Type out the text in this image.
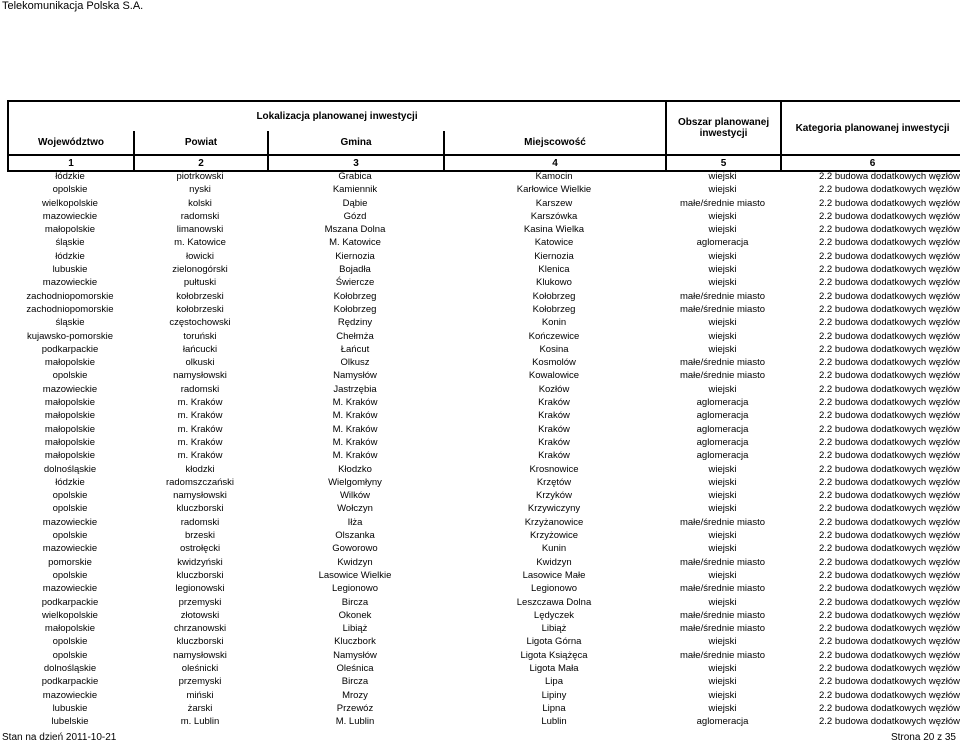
Telekomunikacja Polska S.A.
Inwestycje na etapie planowania
w ramach realizacji Deklaracji Inwestycyjnej Telekomunikacji Polskiej
dotyczącej Porozumienia z UKE z dn. 22 października 2009
Lokalizacja planowanej inwestycji				Obszar planowanej inwestycji	Kategoria planowanej inwestycji
Województwo	Powiat	Gmina	Miejscowość		
1	2	3	4	5	6
łódzkie	piotrkowski	Grabica	Kamocin	wiejski	2.2 budowa dodatkowych węzłów
opolskie	nyski	Kamiennik	Karłowice Wielkie	wiejski	2.2 budowa dodatkowych węzłów
wielkopolskie	kolski	Dąbie	Karszew	małe/średnie miasto	2.2 budowa dodatkowych węzłów
mazowieckie	radomski	Gózd	Karszówka	wiejski	2.2 budowa dodatkowych węzłów
małopolskie	limanowski	Mszana Dolna	Kasina Wielka	wiejski	2.2 budowa dodatkowych węzłów
śląskie	m. Katowice	M. Katowice	Katowice	aglomeracja	2.2 budowa dodatkowych węzłów
łódzkie	łowicki	Kiernozia	Kiernozia	wiejski	2.2 budowa dodatkowych węzłów
lubuskie	zielonogórski	Bojadła	Klenica	wiejski	2.2 budowa dodatkowych węzłów
mazowieckie	pułtuski	Świercze	Klukowo	wiejski	2.2 budowa dodatkowych węzłów
zachodniopomorskie	kołobrzeski	Kołobrzeg	Kołobrzeg	małe/średnie miasto	2.2 budowa dodatkowych węzłów
zachodniopomorskie	kołobrzeski	Kołobrzeg	Kołobrzeg	małe/średnie miasto	2.2 budowa dodatkowych węzłów
śląskie	częstochowski	Rędziny	Konin	wiejski	2.2 budowa dodatkowych węzłów
kujawsko-pomorskie	toruński	Chełmża	Kończewice	wiejski	2.2 budowa dodatkowych węzłów
podkarpackie	łańcucki	Łańcut	Kosina	wiejski	2.2 budowa dodatkowych węzłów
małopolskie	olkuski	Olkusz	Kosmolów	małe/średnie miasto	2.2 budowa dodatkowych węzłów
opolskie	namysłowski	Namysłów	Kowalowice	małe/średnie miasto	2.2 budowa dodatkowych węzłów
mazowieckie	radomski	Jastrzębia	Kozłów	wiejski	2.2 budowa dodatkowych węzłów
małopolskie	m. Kraków	M. Kraków	Kraków	aglomeracja	2.2 budowa dodatkowych węzłów
małopolskie	m. Kraków	M. Kraków	Kraków	aglomeracja	2.2 budowa dodatkowych węzłów
małopolskie	m. Kraków	M. Kraków	Kraków	aglomeracja	2.2 budowa dodatkowych węzłów
małopolskie	m. Kraków	M. Kraków	Kraków	aglomeracja	2.2 budowa dodatkowych węzłów
małopolskie	m. Kraków	M. Kraków	Kraków	aglomeracja	2.2 budowa dodatkowych węzłów
dolnośląskie	kłodzki	Kłodzko	Krosnowice	wiejski	2.2 budowa dodatkowych węzłów
łódzkie	radomszczański	Wielgomłyny	Krzętów	wiejski	2.2 budowa dodatkowych węzłów
opolskie	namysłowski	Wilków	Krzyków	wiejski	2.2 budowa dodatkowych węzłów
opolskie	kluczborski	Wołczyn	Krzywiczyny	wiejski	2.2 budowa dodatkowych węzłów
mazowieckie	radomski	Iłża	Krzyżanowice	małe/średnie miasto	2.2 budowa dodatkowych węzłów
opolskie	brzeski	Olszanka	Krzyżowice	wiejski	2.2 budowa dodatkowych węzłów
mazowieckie	ostrołęcki	Goworowo	Kunin	wiejski	2.2 budowa dodatkowych węzłów
pomorskie	kwidzyński	Kwidzyn	Kwidzyn	małe/średnie miasto	2.2 budowa dodatkowych węzłów
opolskie	kluczborski	Lasowice Wielkie	Lasowice Małe	wiejski	2.2 budowa dodatkowych węzłów
mazowieckie	legionowski	Legionowo	Legionowo	małe/średnie miasto	2.2 budowa dodatkowych węzłów
podkarpackie	przemyski	Bircza	Leszczawa Dolna	wiejski	2.2 budowa dodatkowych węzłów
wielkopolskie	złotowski	Okonek	Lędyczek	małe/średnie miasto	2.2 budowa dodatkowych węzłów
małopolskie	chrzanowski	Libiąż	Libiąż	małe/średnie miasto	2.2 budowa dodatkowych węzłów
opolskie	kluczborski	Kluczbork	Ligota Górna	wiejski	2.2 budowa dodatkowych węzłów
opolskie	namysłowski	Namysłów	Ligota Książęca	małe/średnie miasto	2.2 budowa dodatkowych węzłów
dolnośląskie	oleśnicki	Oleśnica	Ligota Mała	wiejski	2.2 budowa dodatkowych węzłów
podkarpackie	przemyski	Bircza	Lipa	wiejski	2.2 budowa dodatkowych węzłów
mazowieckie	miński	Mrozy	Lipiny	wiejski	2.2 budowa dodatkowych węzłów
lubuskie	żarski	Przewóz	Lipna	wiejski	2.2 budowa dodatkowych węzłów
lubelskie	m. Lublin	M. Lublin	Lublin	aglomeracja	2.2 budowa dodatkowych węzłów
Stan na dzień 2011-10-21	Strona 20 z 35
